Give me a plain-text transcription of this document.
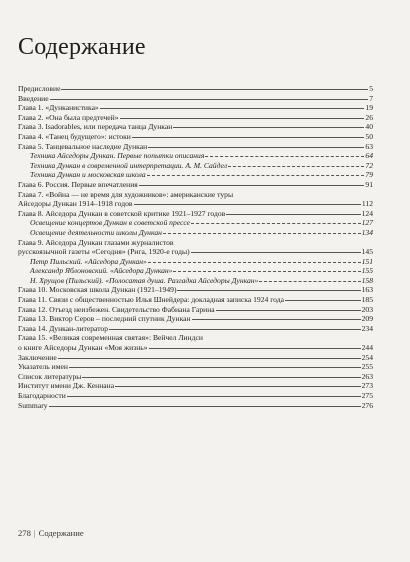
Содержание
Предисловие	5
Введение	7
Глава 1. «Дунканистика»	19
Глава 2. «Она была предтечей»	26
Глава 3. Isadorables, или передача танца Дункан	40
Глава 4. «Танец будущего»: истоки	50
Глава 5. Танцевальное наследие Дункан	63
Техника Айседоры Дункан. Первые попытки описания	64
Техника Дункан в современной интерпретации. А. М. Сайдел	72
Техника Дункан и московская школа	79
Глава 6. Россия. Первые впечатления	91
Глава 7. «Война — не время для художников»: американские туры
Айседоры Дункан 1914–1918 годов	112
Глава 8. Айседора Дункан в советской критике 1921–1927 годов	124
Освещение концертов Дункан в советской прессе	127
Освещение деятельности школы Дункан	134
Глава 9. Айседора Дункан глазами журналистов
русскоязычной газеты «Сегодня» (Рига, 1920-е годы)	145
Петр Пильский. «Айседора Дункан»	151
Александр Яблоновский. «Айседора Дункан»	155
Н. Хрущов (Пильский). «Полосатая душа. Разгадка Айседоры Дункан»	158
Глава 10. Московская школа Дункан (1921–1949)	163
Глава 11. Связи с общественностью Илья Шнейдера: докладная записка 1924 года	185
Глава 12. Отъезд неизбежен. Свидетельство Фабиана Гарина	203
Глава 13. Виктор Серов – последний спутник Дункан	209
Глава 14. Дункан-литератор	234
Глава 15. «Великая современная святая»: Вейчел Линдси
о книге Айседоры Дункан «Моя жизнь»	244
Заключение	254
Указатель имен	255
Список литературы	263
Институт имени Дж. Кеннана	273
Благодарности	275
Summary	276
278 | Содержание
